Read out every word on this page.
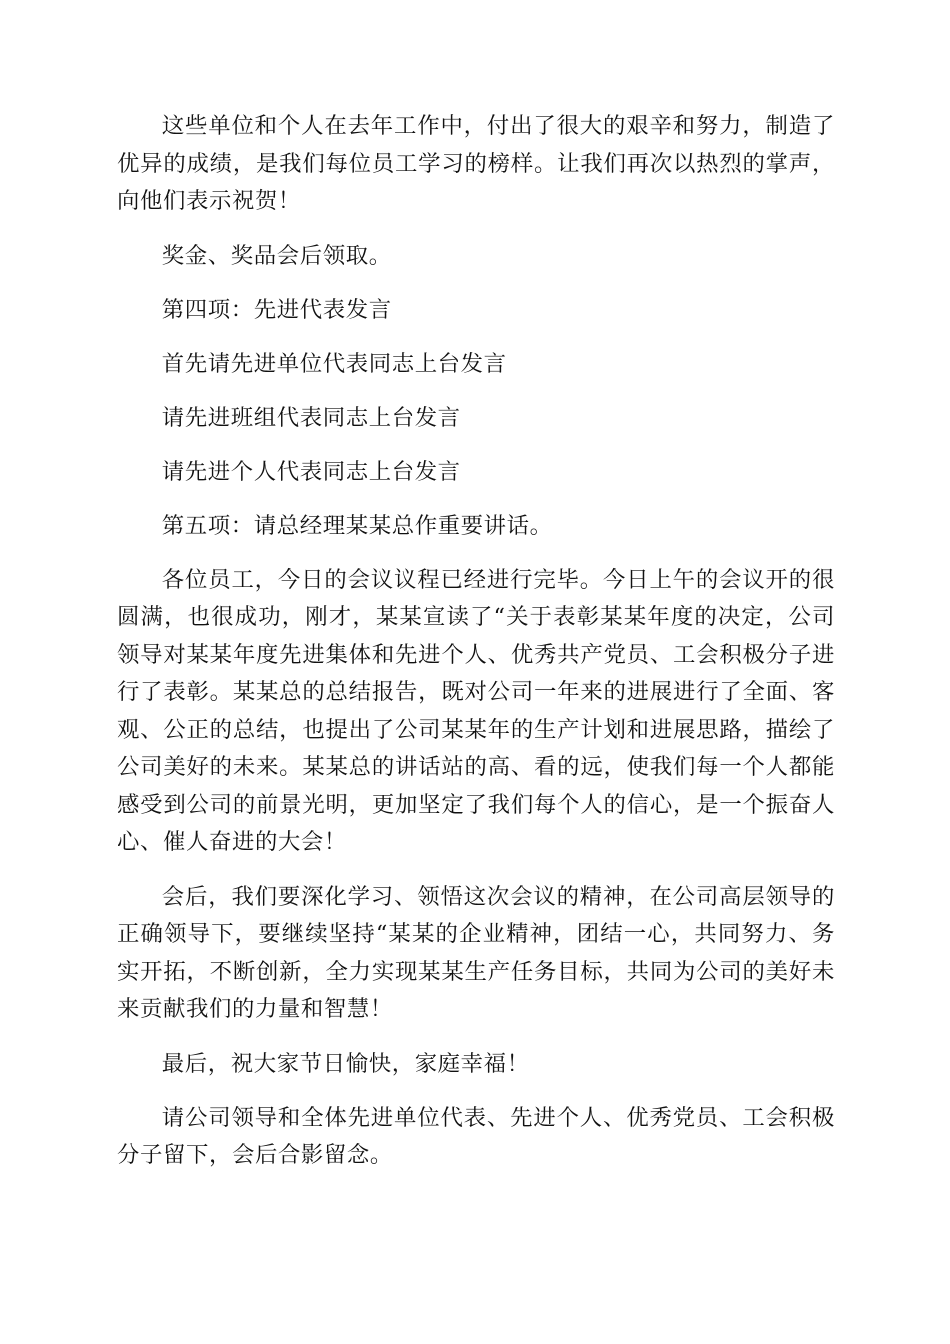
这些单位和个人在去年工作中，付出了很大的艰辛和努力，制造了优异的成绩，是我们每位员工学习的榜样。让我们再次以热烈的掌声，向他们表示祝贺！

奖金、奖品会后领取。

第四项：先进代表发言

首先请先进单位代表同志上台发言

请先进班组代表同志上台发言

请先进个人代表同志上台发言

第五项：请总经理某某总作重要讲话。

各位员工，今日的会议议程已经进行完毕。今日上午的会议开的很圆满，也很成功，刚才，某某宣读了“关于表彰某某年度的决定，公司领导对某某年度先进集体和先进个人、优秀共产党员、工会积极分子进行了表彰。某某总的总结报告，既对公司一年来的进展进行了全面、客观、公正的总结，也提出了公司某某年的生产计划和进展思路，描绘了公司美好的未来。某某总的讲话站的高、看的远，使我们每一个人都能感受到公司的前景光明，更加坚定了我们每个人的信心，是一个振奋人心、催人奋进的大会！

会后，我们要深化学习、领悟这次会议的精神，在公司高层领导的正确领导下，要继续坚持“某某的企业精神，团结一心，共同努力、务实开拓，不断创新，全力实现某某生产任务目标，共同为公司的美好未来贡献我们的力量和智慧！

最后，祝大家节日愉快，家庭幸福！

请公司领导和全体先进单位代表、先进个人、优秀党员、工会积极分子留下，会后合影留念。
